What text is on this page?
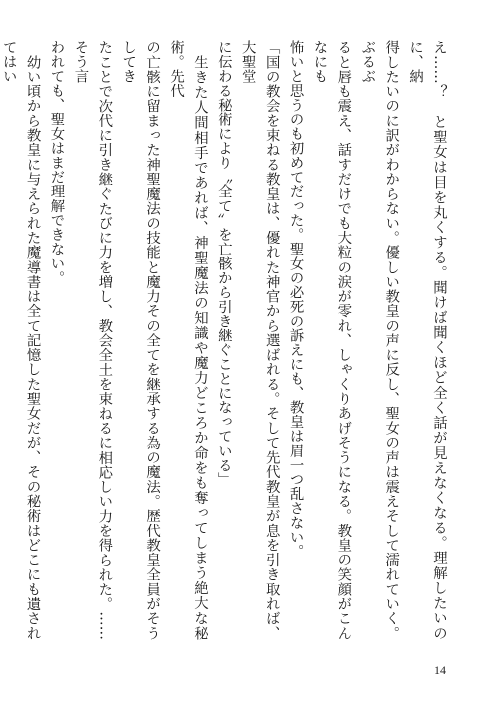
え……？　と聖女は目を丸くする。聞けば聞くほど全く話が見えなくなる。理解したいのに、納

得したいのに訳がわからない。優しい教皇の声に反し、聖女の声は震えそして濡れていく。ぶるぶ

ると唇も震え、話すだけでも大粒の涙が零れ、しゃくりあげそうになる。教皇の笑顔がこんなにも

怖いと思うのも初めてだった。聖女の必死の訴えにも、教皇は眉一つ乱さない。

「国の教会を束ねる教皇は、優れた神官から選ばれる。そして先代教皇が息を引き取れば、大聖堂

に伝わる秘術により〝全て〟を亡骸から引き継ぐことになっている」

　生きた人間相手であれば、神聖魔法の知識や魔力どころか命をも奪ってしまう絶大な秘術。先代

の亡骸に留まった神聖魔法の技能と魔力その全てを継承する為の魔法。歴代教皇全員がそうしてき

たことで次代に引き継ぐたびに力を増し、教会全土を束ねるに相応しい力を得られた。……そう言

われても、聖女はまだ理解できない。

　幼い頃から教皇に与えられた魔導書は全て記憶した聖女だが、その秘術はどこにも遺されてはい

14
